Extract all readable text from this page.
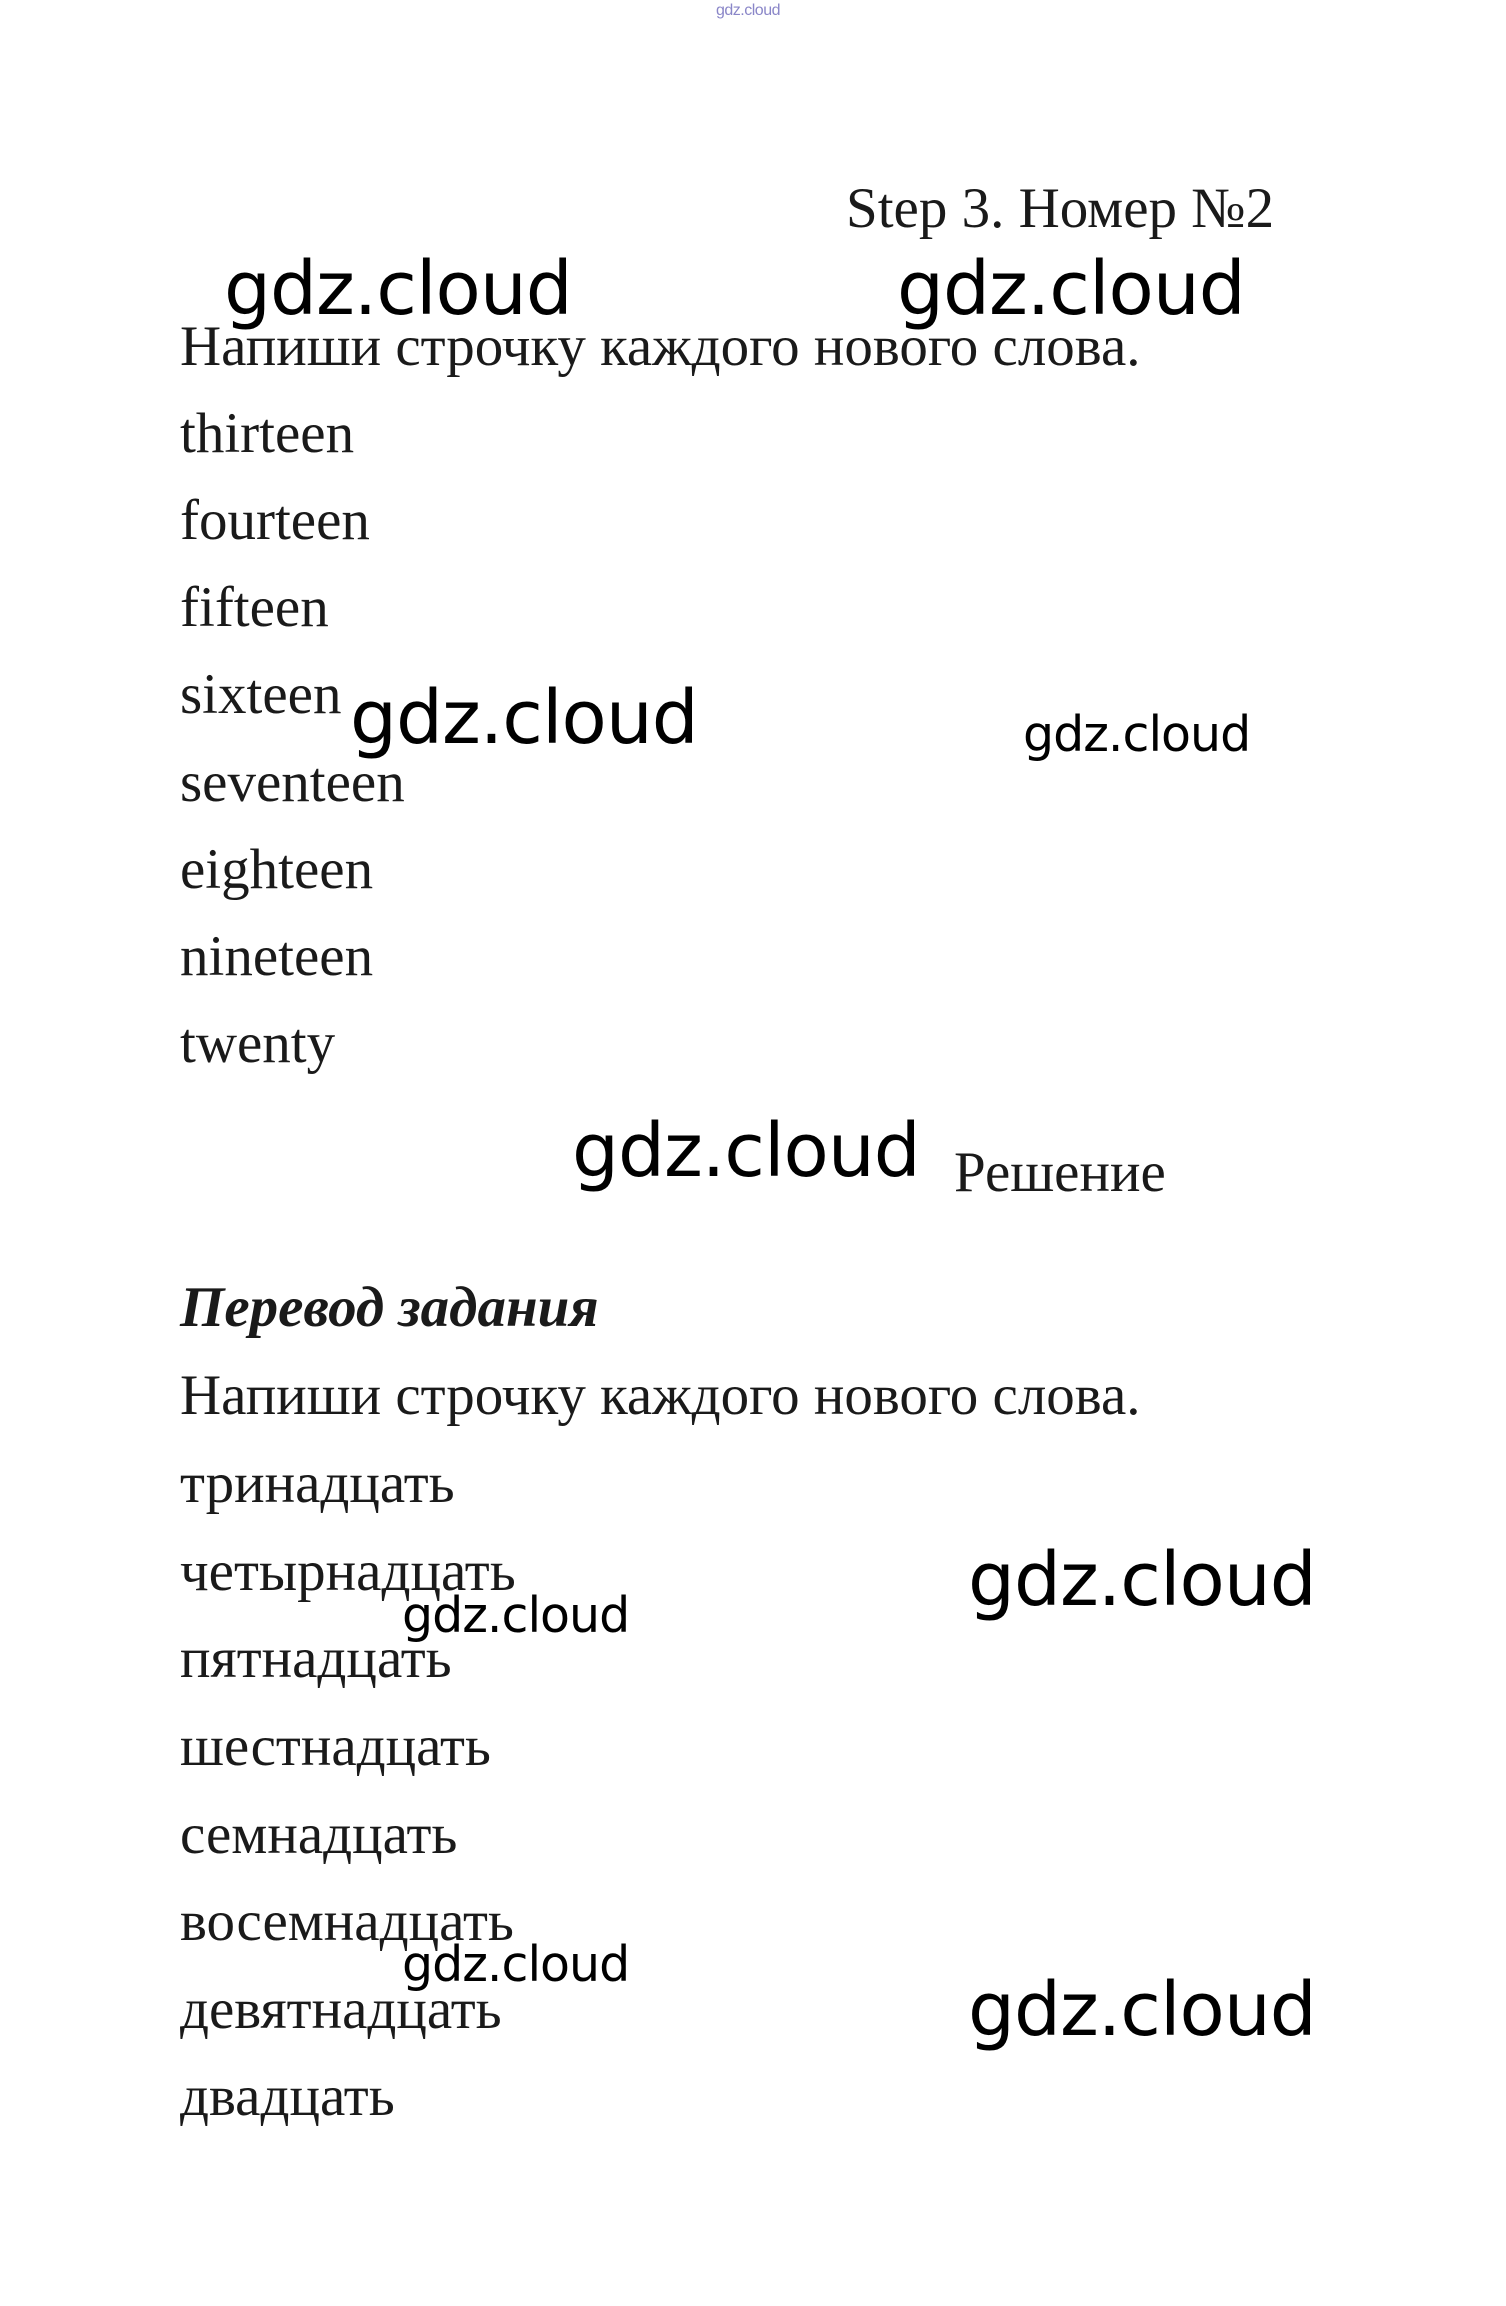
gdz.cloud
Step 3. Номер №2
Напиши строчку каждого нового слова.
thirteen
fourteen
fifteen
sixteen
seventeen
eighteen
nineteen
twenty
Решение
Перевод задания
Напиши строчку каждого нового слова.
тринадцать
четырнадцать
пятнадцать
шестнадцать
семнадцать
восемнадцать
девятнадцать
двадцать
gdz.cloud	gdz.cloud
gdz.cloud	gdz.cloud
gdz.cloud
gdz.cloud
gdz.cloud
gdz.cloud
gdz.cloud
